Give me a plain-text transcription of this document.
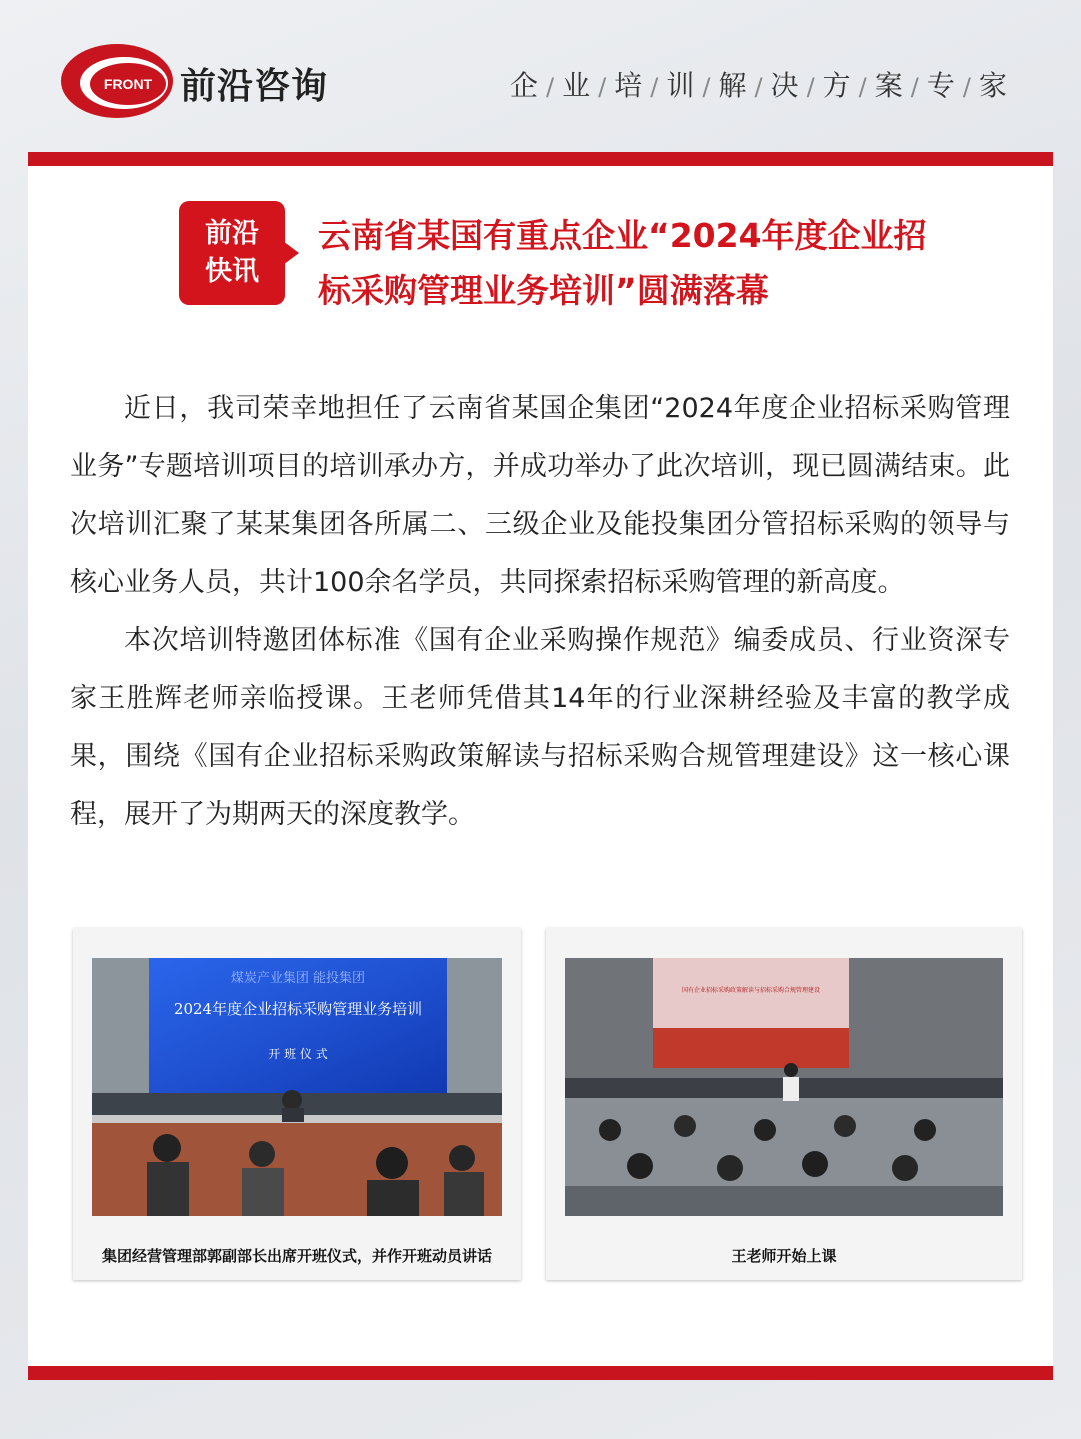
FRONT 前沿咨询	企 / 业 / 培 / 训 / 解 / 决 / 方 / 案 / 专 / 家
前沿
快讯
云南省某国有重点企业“2024年度企业招
标采购管理业务培训”圆满落幕

近日，我司荣幸地担任了云南省某国企集团“2024年度企业招标采购管理业务”专题培训项目的培训承办方，并成功举办了此次培训，现已圆满结束。此次培训汇聚了某某集团各所属二、三级企业及能投集团分管招标采购的领导与核心业务人员，共计100余名学员，共同探索招标采购管理的新高度。

本次培训特邀团体标准《国有企业采购操作规范》编委成员、行业资深专家王胜辉老师亲临授课。王老师凭借其14年的行业深耕经验及丰富的教学成果，围绕《国有企业招标采购政策解读与招标采购合规管理建设》这一核心课程，展开了为期两天的深度教学。

煤炭产业集团 能投集团
2024年度企业招标采购管理业务培训
开 班 仪 式
集团经营管理部郭副部长出席开班仪式，并作开班动员讲话
国有企业招标采购政策解读与招标采购合规管理建设
王老师开始上课
